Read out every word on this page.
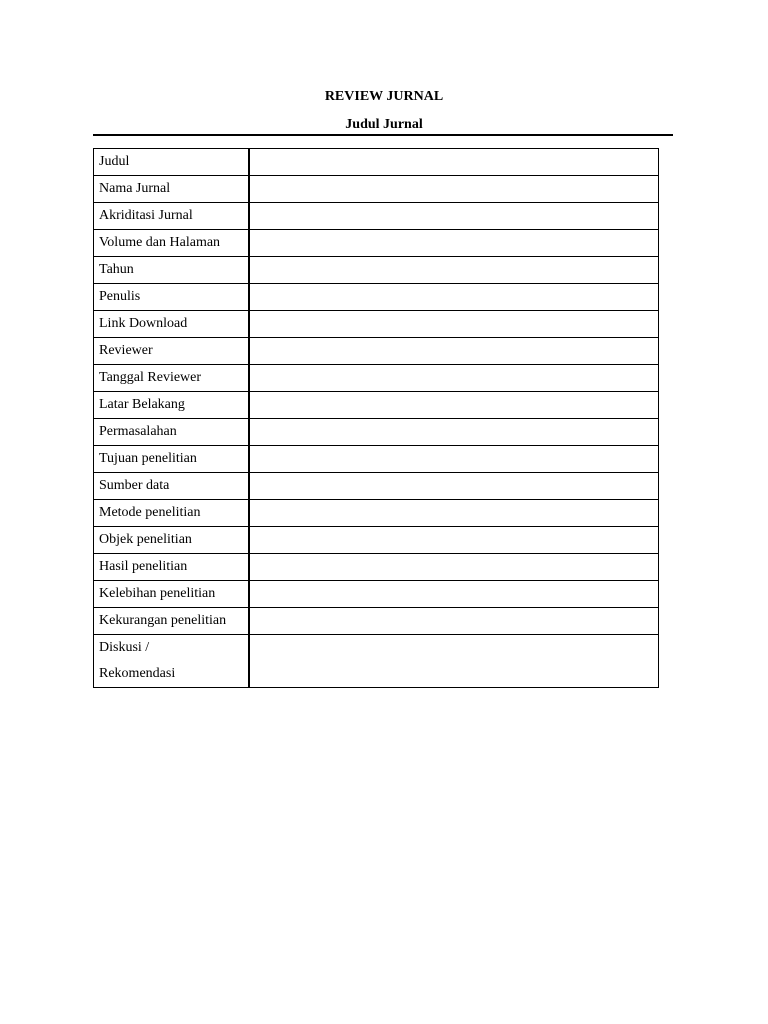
REVIEW JURNAL
Judul Jurnal
Judul	
Nama Jurnal	
Akriditasi Jurnal	
Volume dan Halaman	
Tahun	
Penulis	
Link Download	
Reviewer	
Tanggal Reviewer	
Latar Belakang	
Permasalahan	
Tujuan penelitian	
Sumber data	
Metode penelitian	
Objek penelitian	
Hasil penelitian	
Kelebihan penelitian	
Kekurangan penelitian	
Diskusi /
Rekomendasi	
